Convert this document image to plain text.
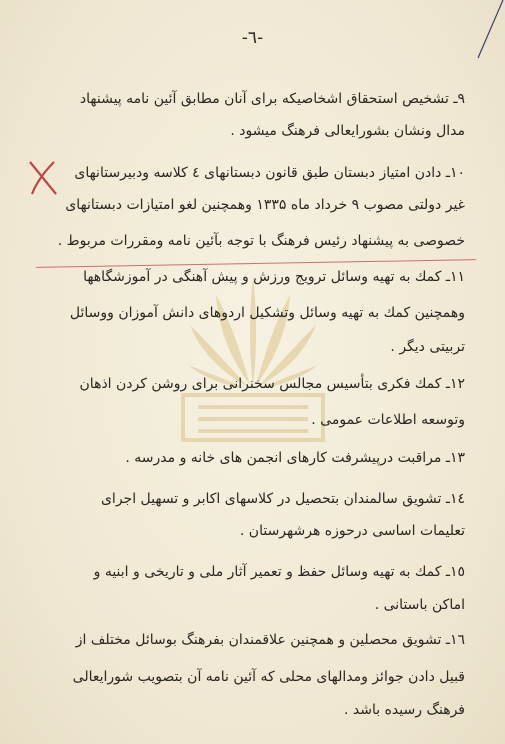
-٦-
٩ـ تشخیص استحقاق اشخاصیکه برای آنان مطابق آئین نامه پیشنهاد
مدال ونشان بشورایعالی فرهنگ میشود .
١٠ـ دادن امتیاز دبستان طبق قانون دبستانهای ٤ کلاسه ودبیرستانهای
غیر دولتی مصوب ۹ خرداد ماه ۱۳۳۵ وهمچنین لغو امتیازات دبستانهای
خصوصی به پیشنهاد رئیس فرهنگ با توجه بآئین نامه ومقررات مربوط .
١١ـ کمك به تهیه وسائل ترویج ورزش و پیش آهنگی در آموزشگاهها
وهمچنین کمك به تهیه وسائل وتشکیل اردوهای دانش آموزان ووسائل
تربیتی دیگر .
١٢ـ کمك فکری بتأسیس مجالس سخنرانی برای روشن کردن اذهان
وتوسعه اطلاعات عمومی .
١٣ـ مراقبت درپیشرفت کارهای انجمن های خانه و مدرسه .
١٤ـ تشویق سالمندان بتحصیل در کلاسهای اکابر و تسهیل اجرای
تعلیمات اساسی درحوزه هرشهرستان .
١٥ـ کمك به تهیه وسائل حفظ و تعمیر آثار ملی و تاریخی و ابنیه و
اماکن باستانی .
١٦ـ تشویق محصلین و همچنین علاقمندان بفرهنگ بوسائل مختلف از
قبیل دادن جوائز ومدالهای محلی که آئین نامه آن بتصویب شورایعالی
فرهنگ رسیده باشد .
